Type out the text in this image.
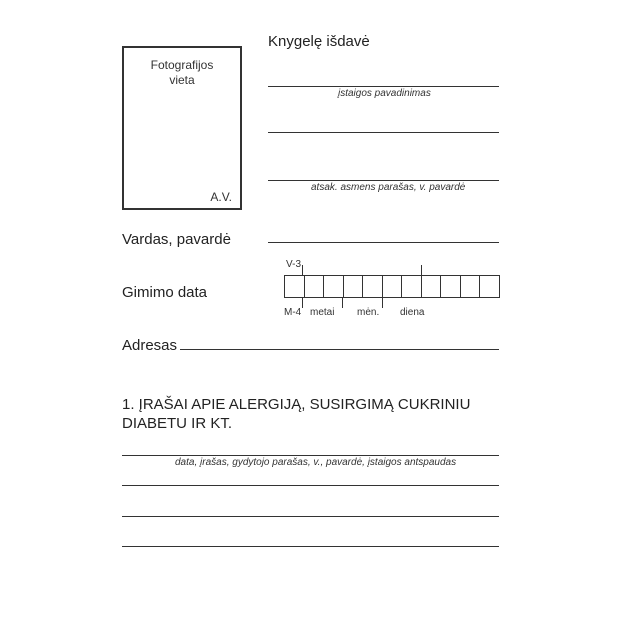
Fotografijos
vieta
A.V.
Knygelę išdavė
įstaigos pavadinimas
atsak. asmens parašas, v. pavardė
Vardas, pavardė
V-3
Gimimo data
M-4 metai mėn. diena
Adresas
1. ĮRAŠAI APIE ALERGIJĄ, SUSIRGIMĄ CUKRINIU
DIABETU IR KT.
data, įrašas, gydytojo parašas, v., pavardė, įstaigos antspaudas
